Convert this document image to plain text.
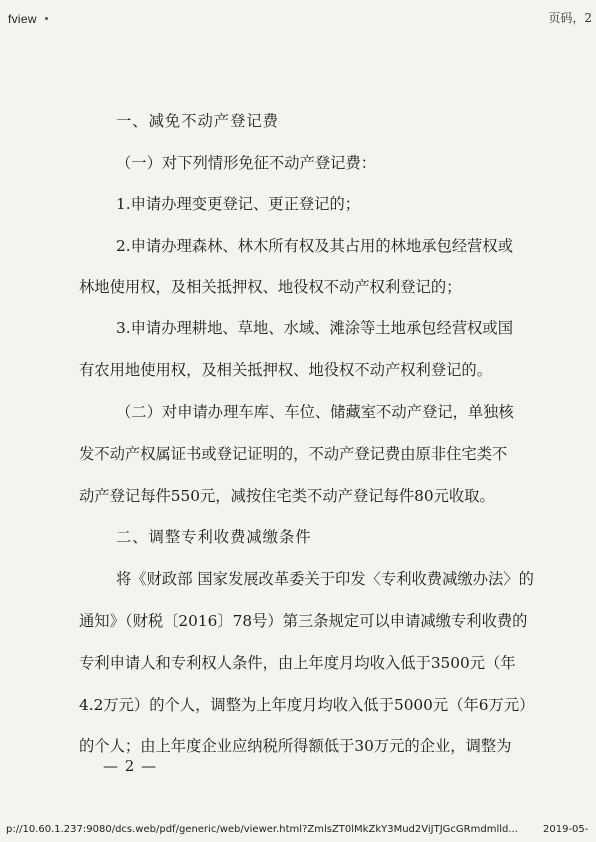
fview	页码，2
一、减免不动产登记费
（一）对下列情形免征不动产登记费：
1.申请办理变更登记、更正登记的；
2.申请办理森林、林木所有权及其占用的林地承包经营权或
林地使用权，及相关抵押权、地役权不动产权利登记的；
3.申请办理耕地、草地、水域、滩涂等土地承包经营权或国
有农用地使用权，及相关抵押权、地役权不动产权利登记的。
（二）对申请办理车库、车位、储藏室不动产登记，单独核
发不动产权属证书或登记证明的，不动产登记费由原非住宅类不
动产登记每件550元，减按住宅类不动产登记每件80元收取。
二、调整专利收费减缴条件
将《财政部 国家发展改革委关于印发〈专利收费减缴办法〉的
通知》（财税〔2016〕78号）第三条规定可以申请减缴专利收费的
专利申请人和专利权人条件，由上年度月均收入低于3500元（年
4.2万元）的个人，调整为上年度月均收入低于5000元（年6万元）
的个人；由上年度企业应纳税所得额低于30万元的企业，调整为
— 2 —
p://10.60.1.237:9080/dcs.web/pdf/generic/web/viewer.html?ZmlsZT0lMkZkY3Mud2ViJTJGcGRmdmlld...	2019-05-
